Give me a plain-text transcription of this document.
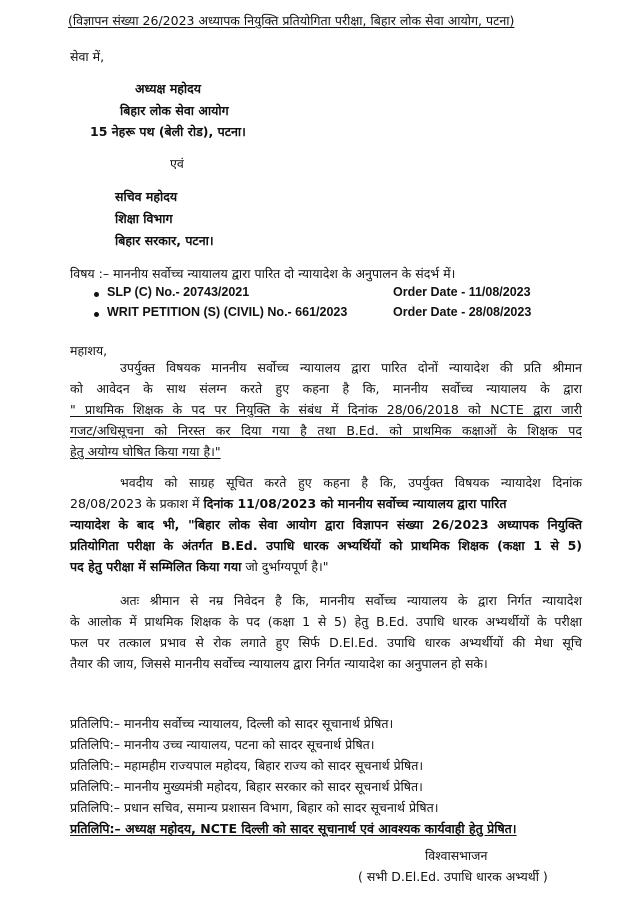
(विज्ञापन संख्या 26/2023 अध्यापक नियुक्ति प्रतियोगिता परीक्षा, बिहार लोक सेवा आयोग, पटना)
सेवा में,
अध्यक्ष महोदय
बिहार लोक सेवा आयोग
15 नेहरू पथ (बेली रोड), पटना।
एवं
सचिव महोदय
शिक्षा विभाग
बिहार सरकार, पटना।
विषय :– माननीय सर्वोच्च न्यायालय द्वारा पारित दो न्यायादेश के अनुपालन के संदर्भ में।
SLP (C) No.- 20743/2021	Order Date - 11/08/2023
WRIT PETITION (S) (CIVIL) No.- 661/2023	Order Date - 28/08/2023
महाशय,
उपर्युक्त विषयक माननीय सर्वोच्च न्यायालय द्वारा पारित दोनों न्यायादेश की प्रति श्रीमान
को आवेदन के साथ संलग्न करते हुए कहना है कि, माननीय सर्वोच्च न्यायालय के द्वारा
" प्राथमिक शिक्षक के पद पर नियुक्ति के संबंध में दिनांक 28/06/2018 को NCTE द्वारा जारी
गजट/अधिसूचना को निरस्त कर दिया गया है तथा B.Ed. को प्राथमिक कक्षाओं के शिक्षक पद
हेतु अयोग्य घोषित किया गया है।"
भवदीय को साग्रह सूचित करते हुए कहना है कि, उपर्युक्त विषयक न्यायादेश दिनांक
28/08/2023 के प्रकाश में दिनांक 11/08/2023 को माननीय सर्वोच्च न्यायालय द्वारा पारित
न्यायादेश के बाद भी, "बिहार लोक सेवा आयोग द्वारा विज्ञापन संख्या 26/2023 अध्यापक नियुक्ति
प्रतियोगिता परीक्षा के अंतर्गत B.Ed. उपाधि धारक अभ्यर्थियों को प्राथमिक शिक्षक (कक्षा 1 से 5)
पद हेतु परीक्षा में सम्मिलित किया गया जो दुर्भाग्यपूर्ण है।"
अतः श्रीमान से नम्र निवेदन है कि, माननीय सर्वोच्च न्यायालय के द्वारा निर्गत न्यायादेश
के आलोक में प्राथमिक शिक्षक के पद (कक्षा 1 से 5) हेतु B.Ed. उपाधि धारक अभ्यर्थीयों के परीक्षा
फल पर तत्काल प्रभाव से रोक लगाते हुए सिर्फ D.El.Ed. उपाधि धारक अभ्यर्थीयों की मेधा सूचि
तैयार की जाय, जिससे माननीय सर्वोच्च न्यायालय द्वारा निर्गत न्यायादेश का अनुपालन हो सके।
प्रतिलिपि:– माननीय सर्वोच्च न्यायालय, दिल्ली को सादर सूचानार्थ प्रेषित।
प्रतिलिपि:– माननीय उच्च न्यायालय, पटना को सादर सूचनार्थ प्रेषित।
प्रतिलिपि:– महामहीम राज्यपाल महोदय, बिहार राज्य को सादर सूचनार्थ प्रेषित।
प्रतिलिपि:– माननीय मुख्यमंत्री महोदय, बिहार सरकार को सादर सूचनार्थ प्रेषित।
प्रतिलिपि:– प्रधान सचिव, समान्य प्रशासन विभाग, बिहार को सादर सूचनार्थ प्रेषित।
प्रतिलिपि:– अध्यक्ष महोदय, NCTE दिल्ली को सादर सूचानार्थ एवं आवश्यक कार्यवाही हेतु प्रेषित।
विश्वासभाजन
( सभी D.El.Ed. उपाधि धारक अभ्यर्थी )
